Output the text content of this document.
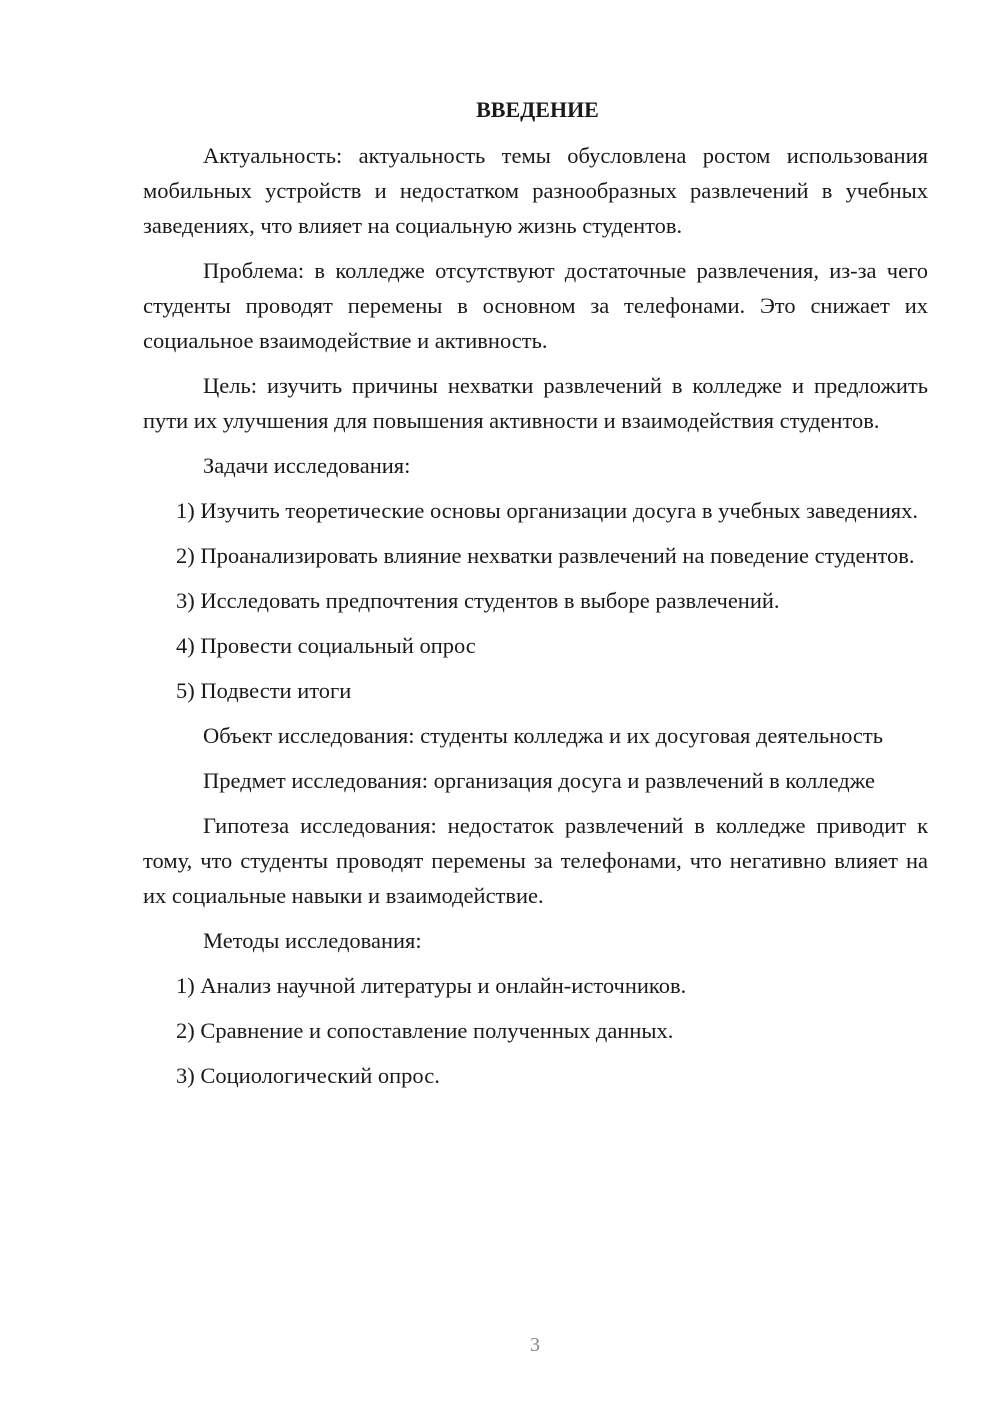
ВВЕДЕНИЕ

Актуальность: актуальность темы обусловлена ростом использования мобильных устройств и недостатком разнообразных развлечений в учебных заведениях, что влияет на социальную жизнь студентов.

Проблема: в колледже отсутствуют достаточные развлечения, из-за чего студенты проводят перемены в основном за телефонами. Это снижает их социальное взаимодействие и активность.

Цель: изучить причины нехватки развлечений в колледже и предложить пути их улучшения для повышения активности и взаимодействия студентов.

Задачи исследования:

1) Изучить теоретические основы организации досуга в учебных заведениях.

2) Проанализировать влияние нехватки развлечений на поведение студентов.

3) Исследовать предпочтения студентов в выборе развлечений.

4) Провести социальный опрос

5) Подвести итоги

Объект исследования: студенты колледжа и их досуговая деятельность

Предмет исследования: организация досуга и развлечений в колледже

Гипотеза исследования: недостаток развлечений в колледже приводит к тому, что студенты проводят перемены за телефонами, что негативно влияет на их социальные навыки и взаимодействие.

Методы исследования:

1) Анализ научной литературы и онлайн-источников.

2) Сравнение и сопоставление полученных данных.

3) Социологический опрос.

3
